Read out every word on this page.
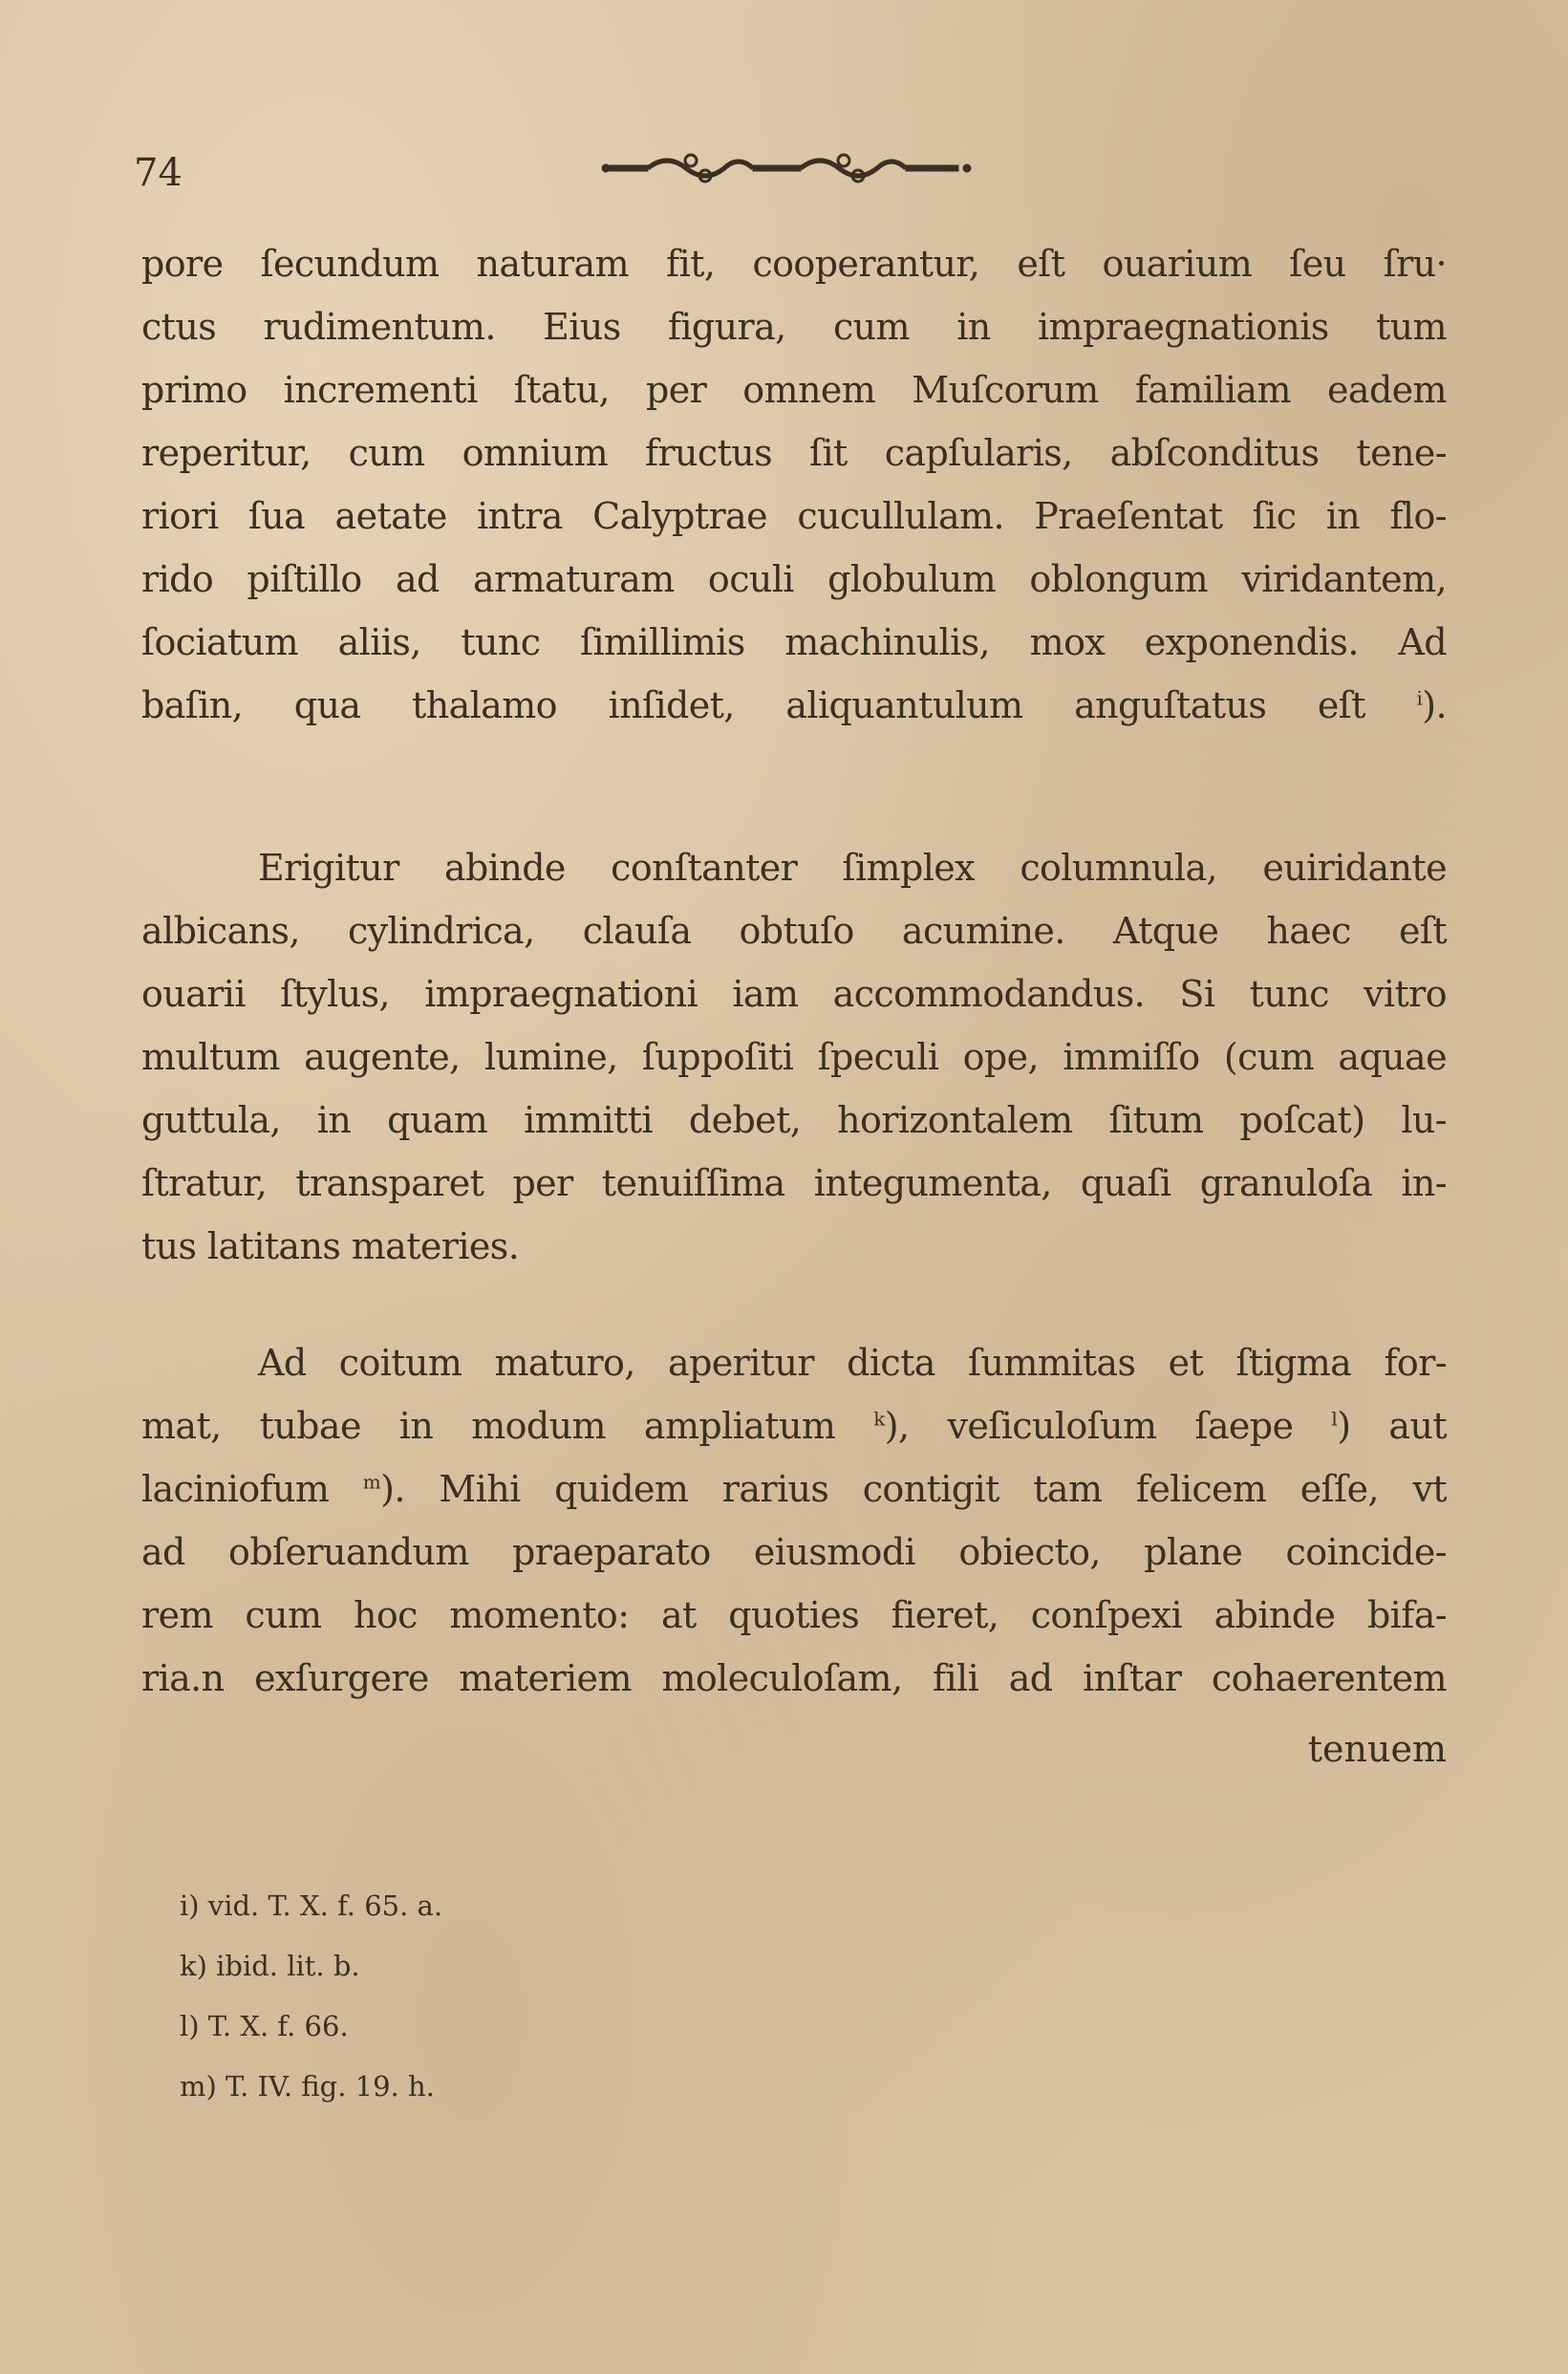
74
pore ſecundum naturam fit, cooperantur, eſt ouarium ſeu ſru·
ctus rudimentum. Eius figura, cum in impraegnationis tum
primo incrementi ſtatu, per omnem Muſcorum familiam eadem
reperitur, cum omnium fructus ſit capſularis, abſconditus tene-
riori ſua aetate intra Calyptrae cucullulam. Praeſentat ſic in flo-
rido piſtillo ad armaturam oculi globulum oblongum viridantem,
ſociatum aliis, tunc ſimillimis machinulis, mox exponendis. Ad
baſin, qua thalamo inſidet, aliquantulum anguſtatus eſt $^i$).
Erigitur abinde conſtanter ſimplex columnula, euiridante
albicans, cylindrica, clauſa obtuſo acumine. Atque haec eſt
ouarii ſtylus, impraegnationi iam accommodandus. Si tunc vitro
multum augente, lumine, ſuppoſiti ſpeculi ope, immiſſo (cum aquae
guttula, in quam immitti debet, horizontalem ſitum poſcat) lu-
ſtratur, transparet per tenuiſſima integumenta, quaſi granuloſa in-
tus latitans materies.
Ad coitum maturo, aperitur dicta ſummitas et ſtigma for-
mat, tubae in modum ampliatum $^k$), veſiculoſum ſaepe $^l$) aut
laciniofum $^m$). Mihi quidem rarius contigit tam felicem eſſe, vt
ad obſeruandum praeparato eiusmodi obiecto, plane coincide-
rem cum hoc momento: at quoties fieret, conſpexi abinde bifa-
ria.n exſurgere materiem moleculoſam, fili ad inſtar cohaerentem
tenuem
i) vid. T. X. f. 65. a.
k) ibid. lit. b.
l) T. X. f. 66.
m) T. IV. fig. 19. h.
